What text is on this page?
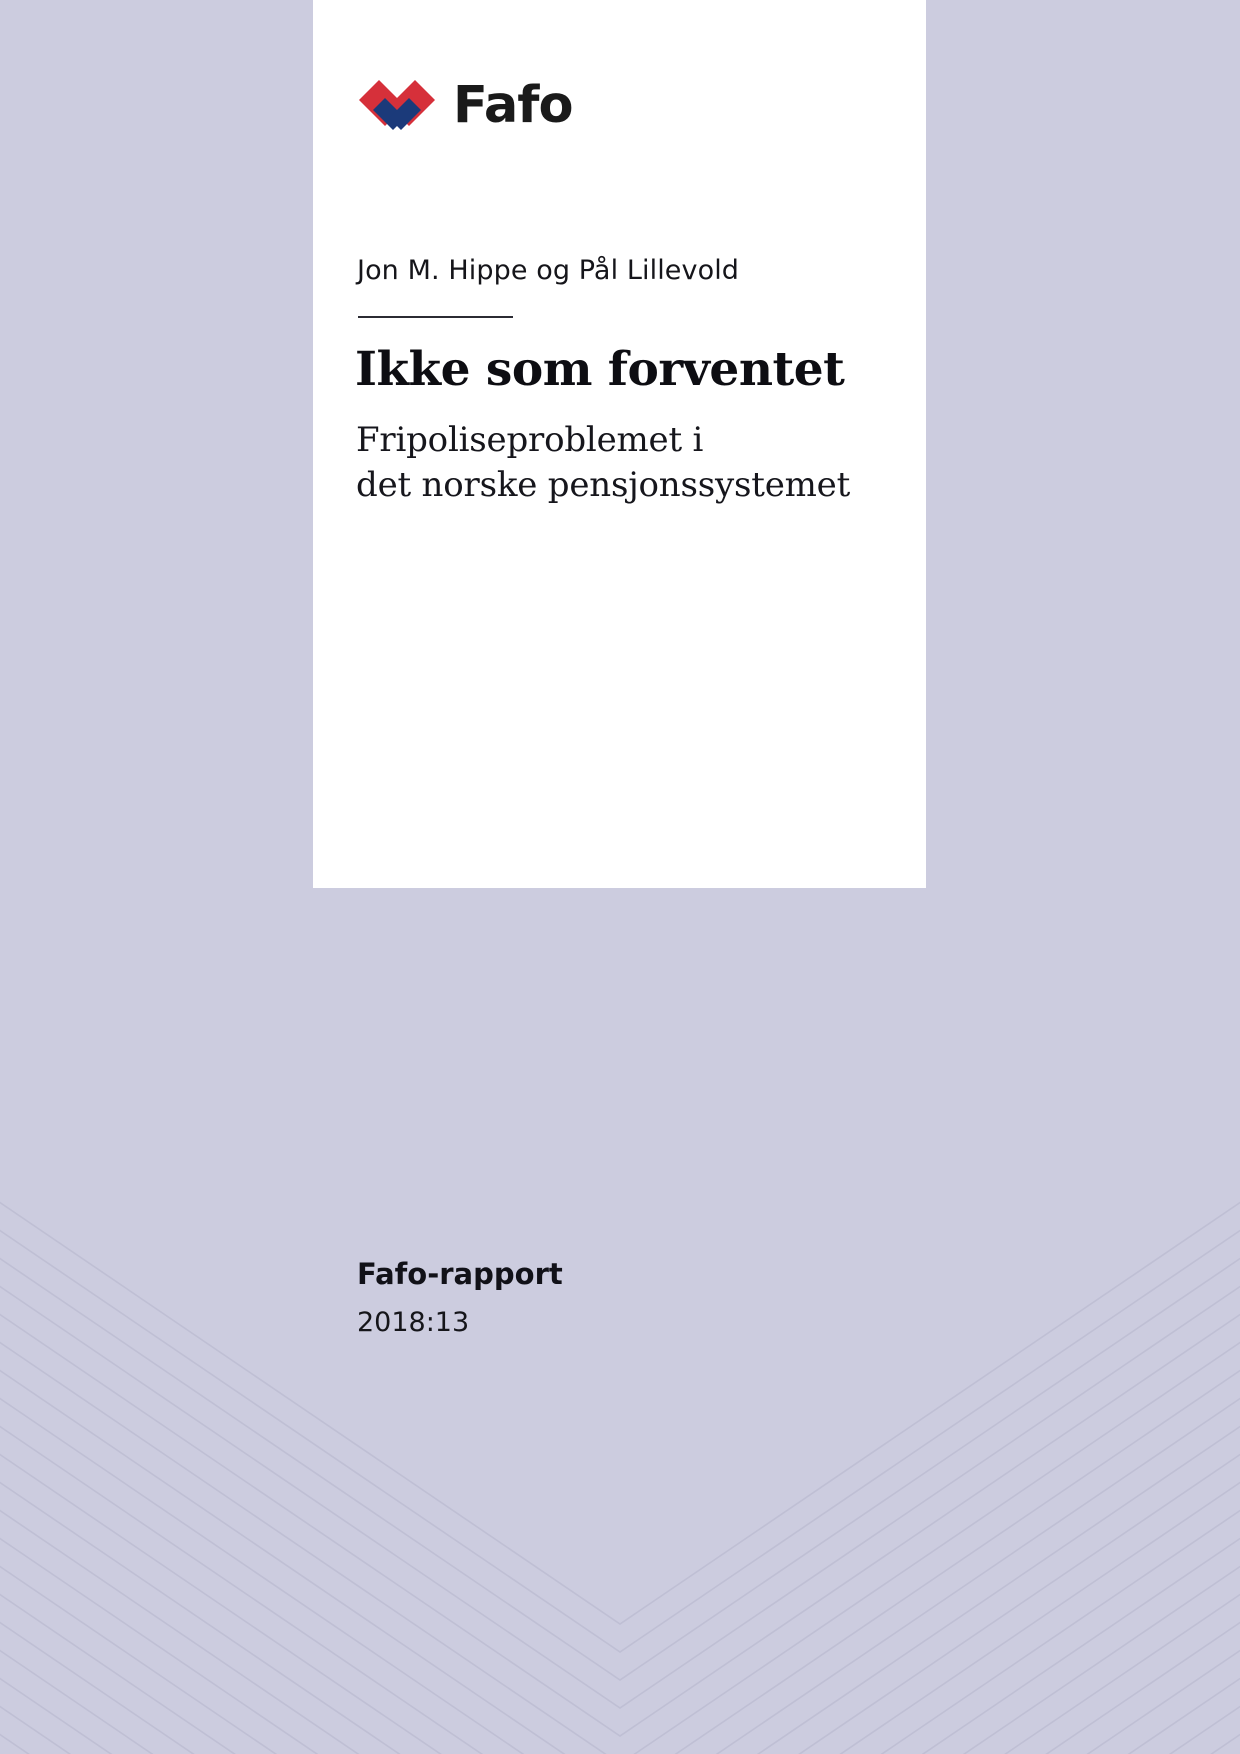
Fafo
Jon M. Hippe og Pål Lillevold
Ikke som forventet
Fripoliseproblemet i
det norske pensjonssystemet
Fafo-rapport
2018:13
